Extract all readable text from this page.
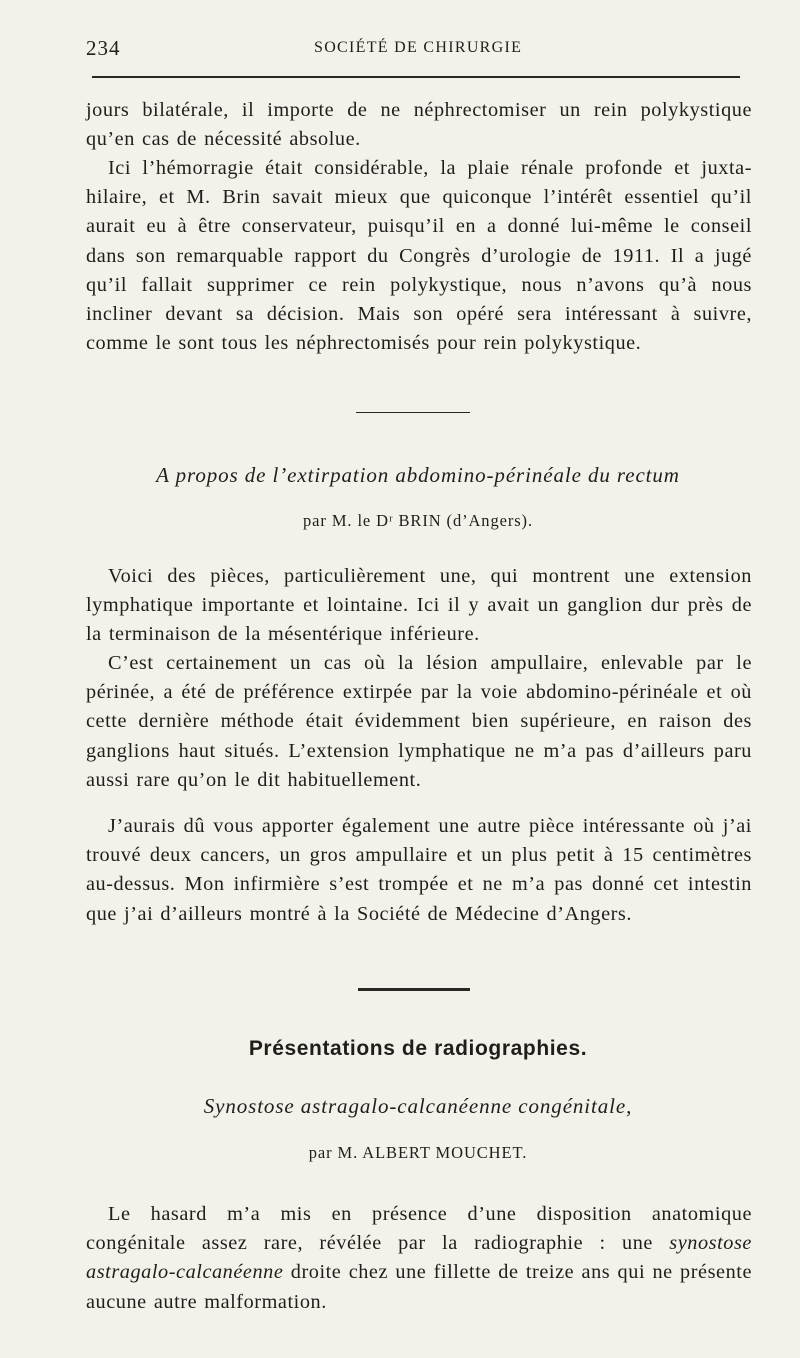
234	SOCIÉTÉ DE CHIRURGIE

jours bilatérale, il importe de ne néphrectomiser un rein polykystique qu’en cas de nécessité absolue.

Ici l’hémorragie était considérable, la plaie rénale profonde et juxta-hilaire, et M. Brin savait mieux que quiconque l’intérêt essentiel qu’il aurait eu à être conservateur, puisqu’il en a donné lui-même le conseil dans son remarquable rapport du Congrès d’urologie de 1911. Il a jugé qu’il fallait supprimer ce rein polykystique, nous n’avons qu’à nous incliner devant sa décision. Mais son opéré sera intéressant à suivre, comme le sont tous les néphrectomisés pour rein polykystique.

A propos de l’extirpation abdomino-périnéale du rectum

par M. le Dʳ BRIN (d’Angers).

Voici des pièces, particulièrement une, qui montrent une extension lymphatique importante et lointaine. Ici il y avait un ganglion dur près de la terminaison de la mésentérique inférieure.

C’est certainement un cas où la lésion ampullaire, enlevable par le périnée, a été de préférence extirpée par la voie abdomino-périnéale et où cette dernière méthode était évidemment bien supérieure, en raison des ganglions haut situés. L’extension lymphatique ne m’a pas d’ailleurs paru aussi rare qu’on le dit habituellement.

J’aurais dû vous apporter également une autre pièce intéressante où j’ai trouvé deux cancers, un gros ampullaire et un plus petit à 15 centimètres au-dessus. Mon infirmière s’est trompée et ne m’a pas donné cet intestin que j’ai d’ailleurs montré à la Société de Médecine d’Angers.

Présentations de radiographies.

Synostose astragalo-calcanéenne congénitale,

par M. ALBERT MOUCHET.

Le hasard m’a mis en présence d’une disposition anatomique congénitale assez rare, révélée par la radiographie : une synostose astragalo-calcanéenne droite chez une fillette de treize ans qui ne présente aucune autre malformation.
